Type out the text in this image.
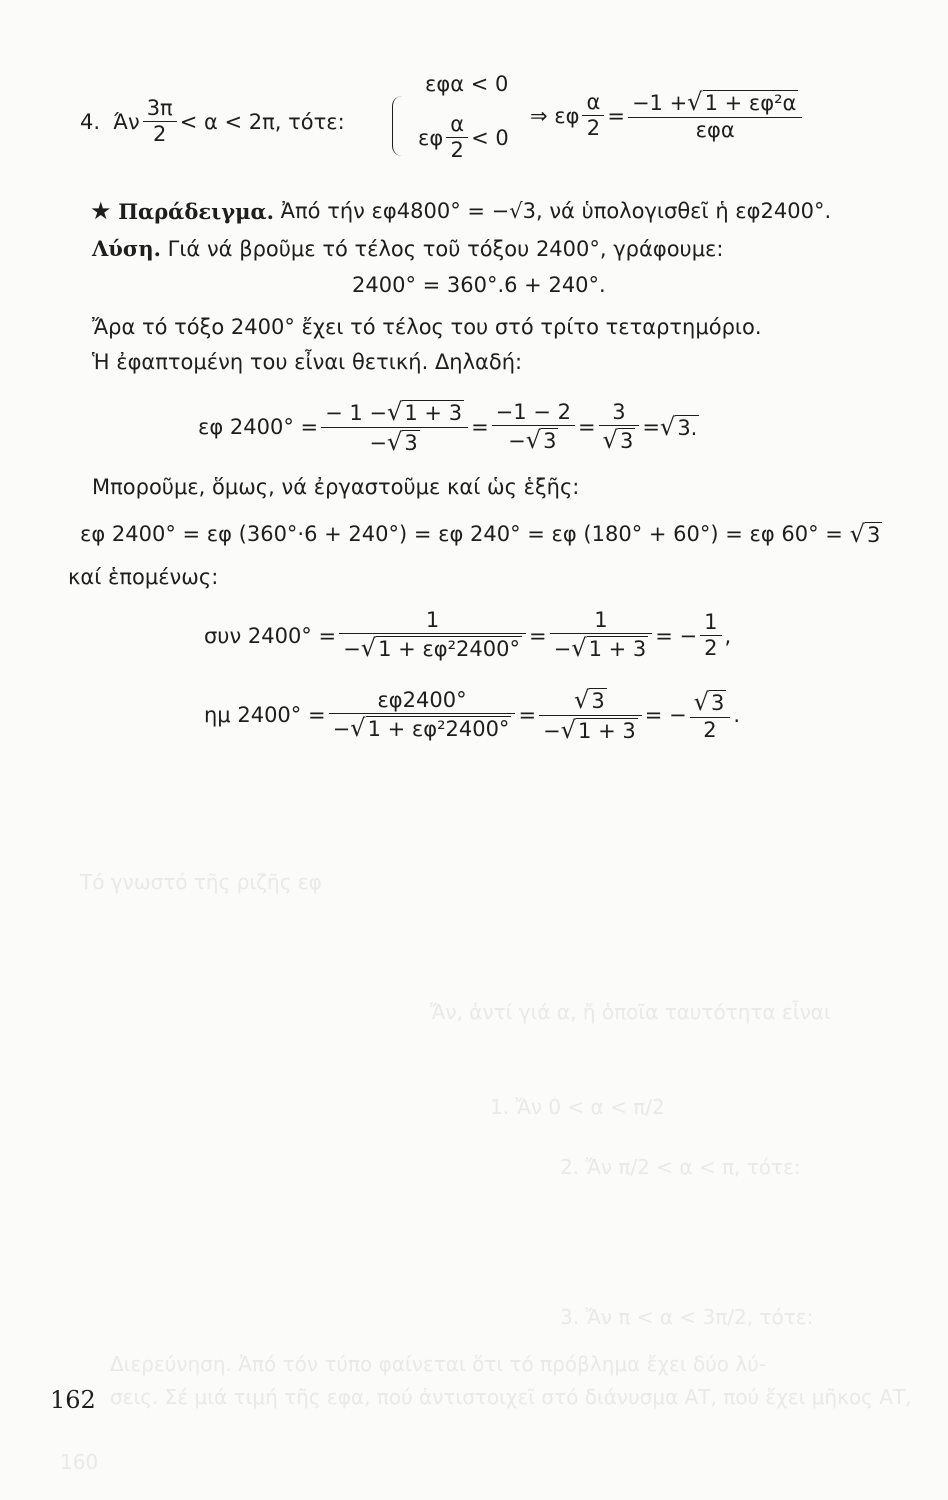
2. Ἄν π/2 < α < π, τότε:
3. Ἄν π < α < 3π/2, τότε:
1. Ἄν 0 < α < π/2
Τό γνωστό τῆς ριζῆς εφ
Ἄν, ἀντί γιά α, ἤ ὁποῖα ταυτότητα εἶναι
Διερεύνηση. Ἀπό τόν τύπο φαίνεται ὅτι τό πρόβλημα ἔχει δύο λύ-
σεις. Σέ μιά τιμή τῆς εφα, πού ἀντιστοιχεῖ στό διάνυσμα ΑΤ, πού ἔχει μῆκος ΑΤ,
160
4.
Άν $\frac{3\pi}{2} < \alpha < 2\pi$, τότε:
εφα < 0
εφ $\frac{\alpha}{2} < 0$
⇒ εφ $\frac{\alpha}{2} = \frac{\text{−1 +√1 + εφ²α}}{\text{εφα}}$
★
Παράδειγμα.
Ἀπό τήν εφ4800° = −√3, νά ὑπολογισθεῖ ἡ εφ2400°.
Λύση.
Γιά νά βροῦμε τό τέλος τοῦ τόξου 2400°, γράφουμε:
2400° = 360°.6 + 240°.
Ἄρα τό τόξο 2400° ἔχει τό τέλος του στό τρίτο τεταρτημόριο.
Ἡ ἐφαπτομένη του εἶναι θετική. Δηλαδή:
εφ $2400^\circ = \frac{- 1 -√1 + 3}{-√3} = \frac{-1 - 2}{-√3} = \frac{3}{√3} = √3$.
Μποροῦμε, ὅμως, νά ἐργαστοῦμε καί ὡς ἑξῆς:
εφ 2400° = εφ (360°·6 + 240°) = εφ 240° = εφ (180° + 60°) = εφ 60° =
√3
καί ἑπομένως:
συν $2400^\circ = \frac{1}{\text{−√1 + εφ²2400°}} = \frac{1}{-√1 + 3}$ = − $\frac{1}{2}$ ,
ημ $2400^\circ = \frac{\varepsilon\varphi 2400^\circ}{\text{−√1 + εφ²2400°}} = \frac{√3}{-√1 + 3}$ = − $\frac{√3}{2}$ .
162
